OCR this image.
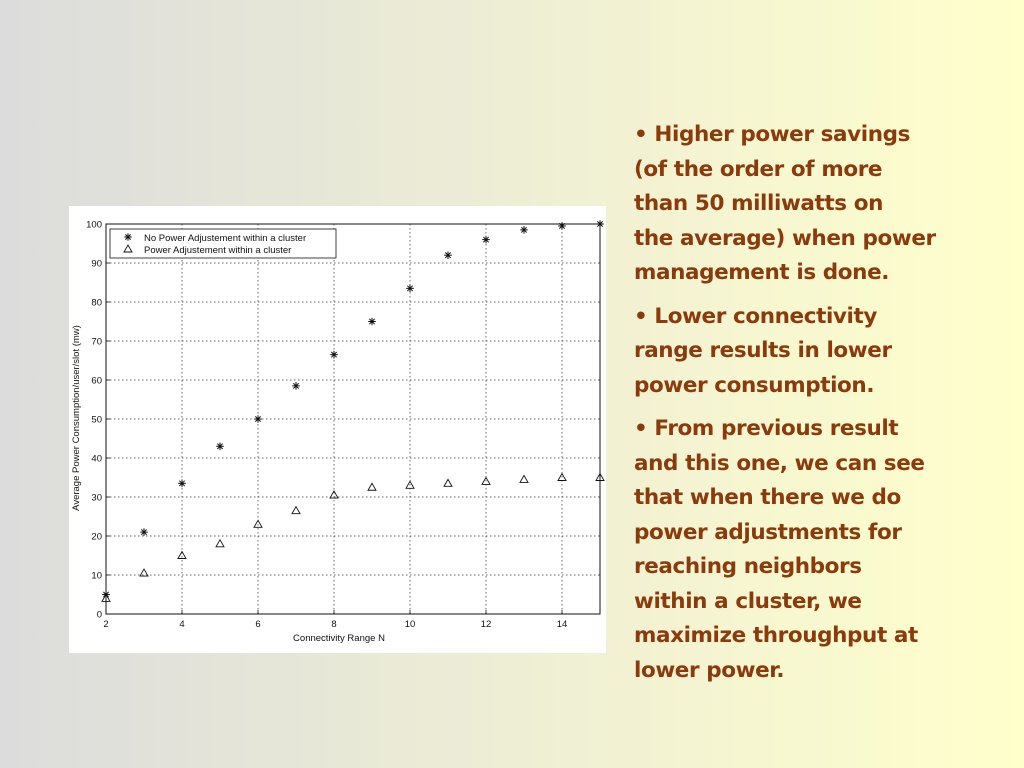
2	4	6	8	10	12	14
0
10
20
30
40
50
60
70
80
90
100
No Power Adjustement within a cluster
Power Adjustement within a cluster
Connectivity Range N
Average Power Consumption/user/slot (mw)
• Higher power savings
(of the order of more
than 50 milliwatts on
the average) when power
management is done.
• Lower connectivity
range results in lower
power consumption.
• From previous result
and this one, we can see
that when there we do
power adjustments for
reaching neighbors
within a cluster, we
maximize throughput at
lower power.
